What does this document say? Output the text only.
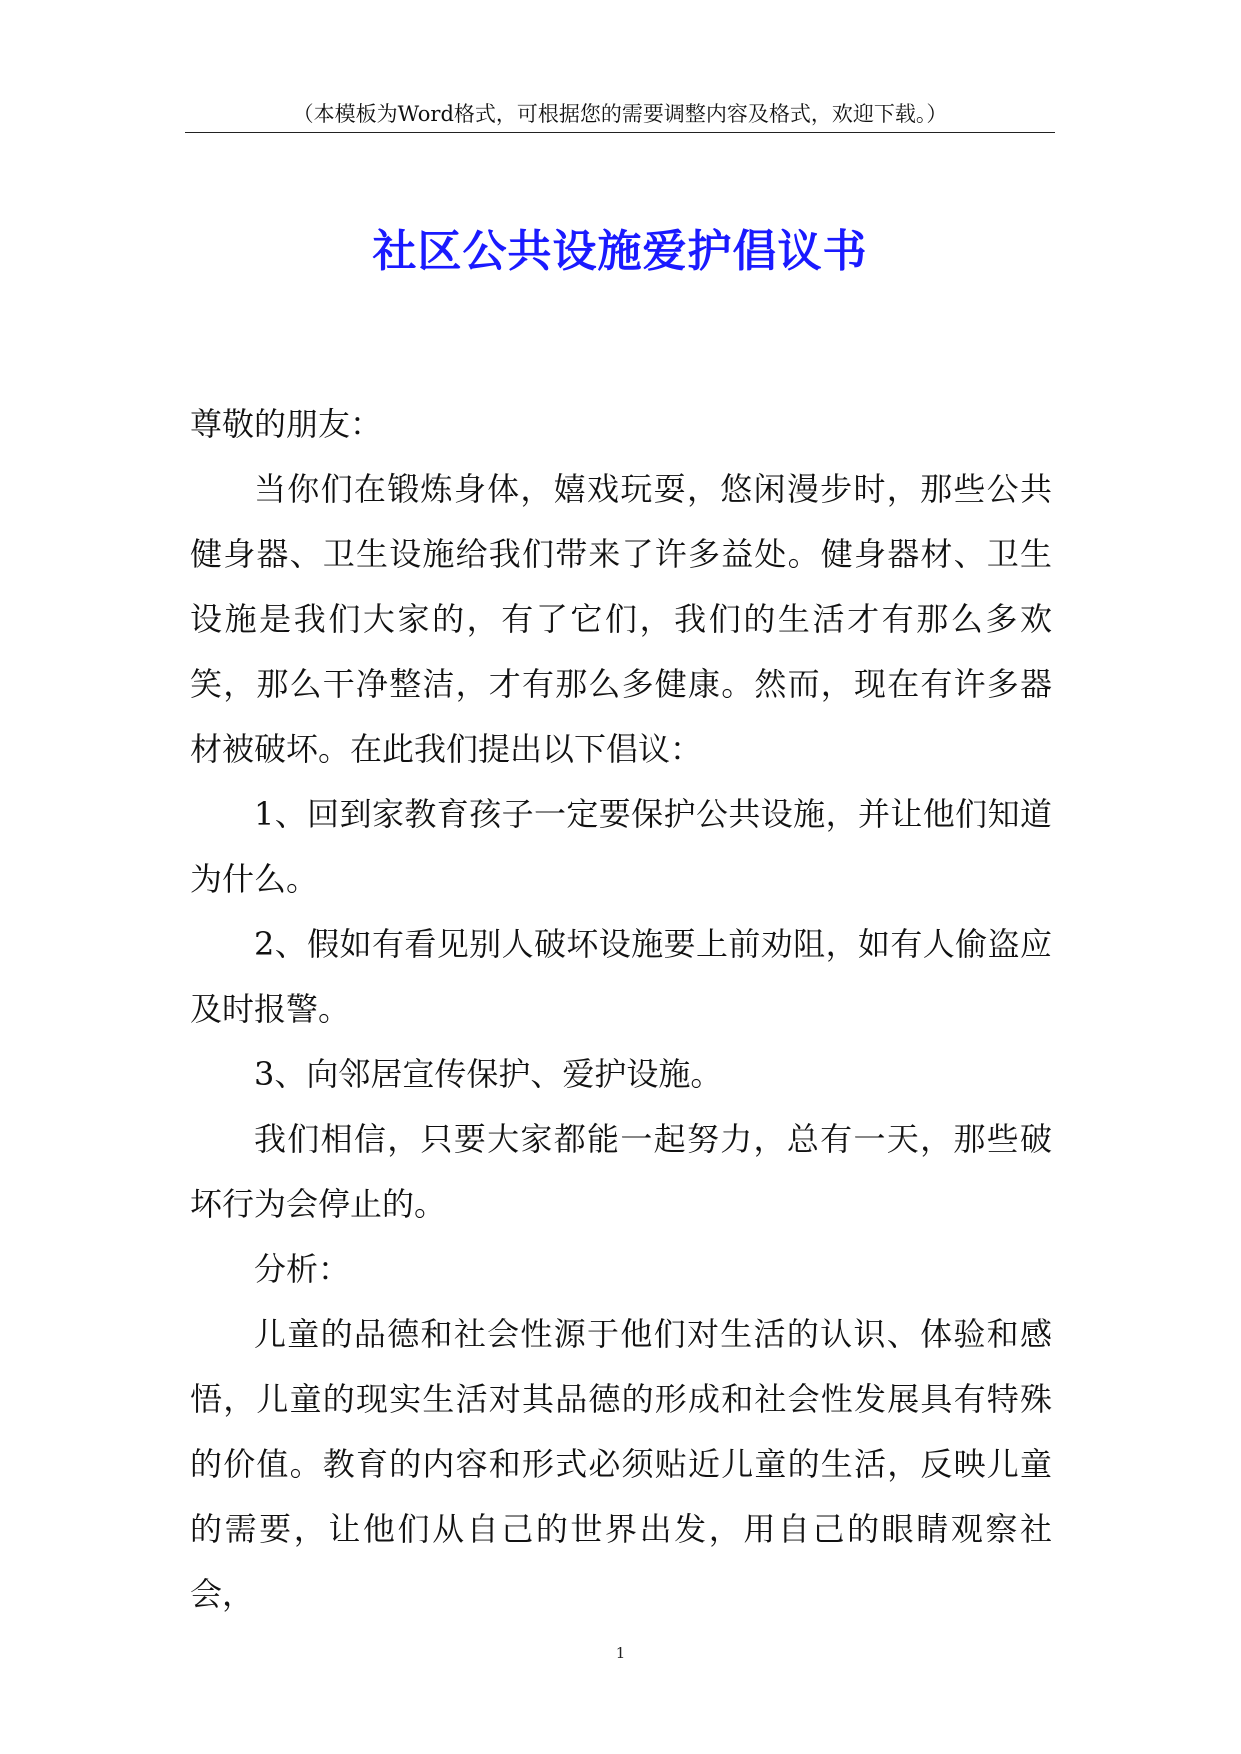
（本模板为Word格式，可根据您的需要调整内容及格式，欢迎下载。）
社区公共设施爱护倡议书

尊敬的朋友：

当你们在锻炼身体，嬉戏玩耍，悠闲漫步时，那些公共健身器、卫生设施给我们带来了许多益处。健身器材、卫生设施是我们大家的，有了它们，我们的生活才有那么多欢笑，那么干净整洁，才有那么多健康。然而，现在有许多器材被破坏。在此我们提出以下倡议：

1、回到家教育孩子一定要保护公共设施，并让他们知道为什么。

2、假如有看见别人破坏设施要上前劝阻，如有人偷盗应及时报警。

3、向邻居宣传保护、爱护设施。

我们相信，只要大家都能一起努力，总有一天，那些破坏行为会停止的。

分析：

儿童的品德和社会性源于他们对生活的认识、体验和感悟，儿童的现实生活对其品德的形成和社会性发展具有特殊的价值。教育的内容和形式必须贴近儿童的生活，反映儿童的需要，让他们从自己的世界出发，用自己的眼睛观察社会，

1
